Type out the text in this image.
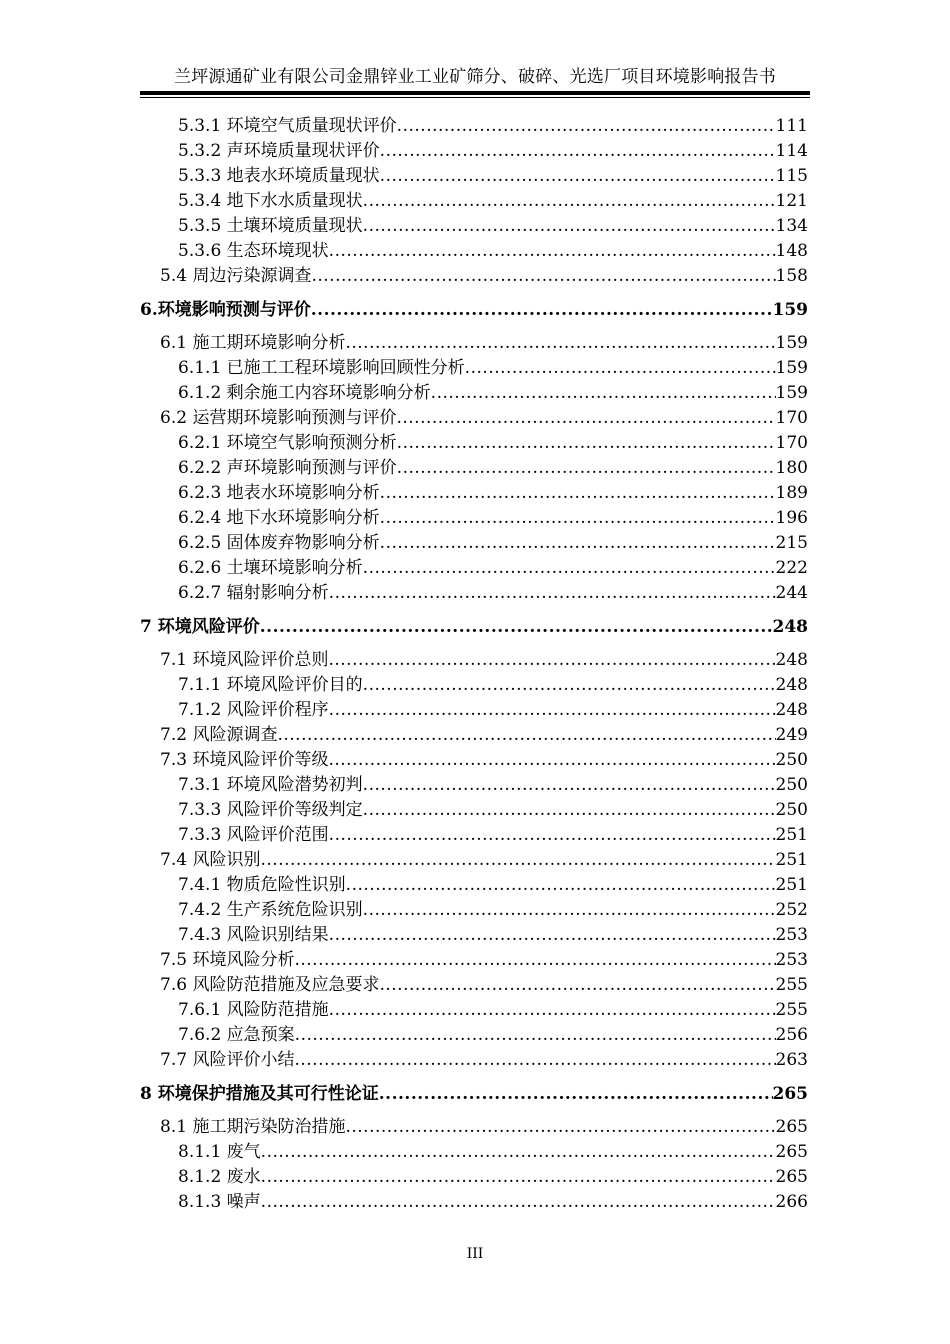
兰坪源通矿业有限公司金鼎锌业工业矿筛分、破碎、光选厂项目环境影响报告书
5.3.1 环境空气质量现状评价 .....	111
5.3.2 声环境质量现状评价 .....	114
5.3.3 地表水环境质量现状 .....	115
5.3.4 地下水水质量现状 .....	121
5.3.5 土壤环境质量现状 .....	134
5.3.6 生态环境现状 .....	148
5.4 周边污染源调查 .....	158
6.环境影响预测与评价 .....	159
6.1 施工期环境影响分析 .....	159
6.1.1 已施工工程环境影响回顾性分析 .....	159
6.1.2 剩余施工内容环境影响分析 .....	159
6.2 运营期环境影响预测与评价 .....	170
6.2.1 环境空气影响预测分析 .....	170
6.2.2 声环境影响预测与评价 .....	180
6.2.3 地表水环境影响分析 .....	189
6.2.4 地下水环境影响分析 .....	196
6.2.5 固体废弃物影响分析 .....	215
6.2.6 土壤环境影响分析 .....	222
6.2.7 辐射影响分析 .....	244
7 环境风险评价 .....	248
7.1 环境风险评价总则 .....	248
7.1.1 环境风险评价目的 .....	248
7.1.2 风险评价程序 .....	248
7.2 风险源调查 .....	249
7.3 环境风险评价等级 .....	250
7.3.1 环境风险潜势初判 .....	250
7.3.3 风险评价等级判定 .....	250
7.3.3 风险评价范围 .....	251
7.4 风险识别 .....	251
7.4.1 物质危险性识别 .....	251
7.4.2 生产系统危险识别 .....	252
7.4.3 风险识别结果 .....	253
7.5 环境风险分析 .....	253
7.6 风险防范措施及应急要求 .....	255
7.6.1 风险防范措施 .....	255
7.6.2 应急预案 .....	256
7.7 风险评价小结 .....	263
8 环境保护措施及其可行性论证 .....	265
8.1 施工期污染防治措施 .....	265
8.1.1 废气 .....	265
8.1.2 废水 .....	265
8.1.3 噪声 .....	266
III
